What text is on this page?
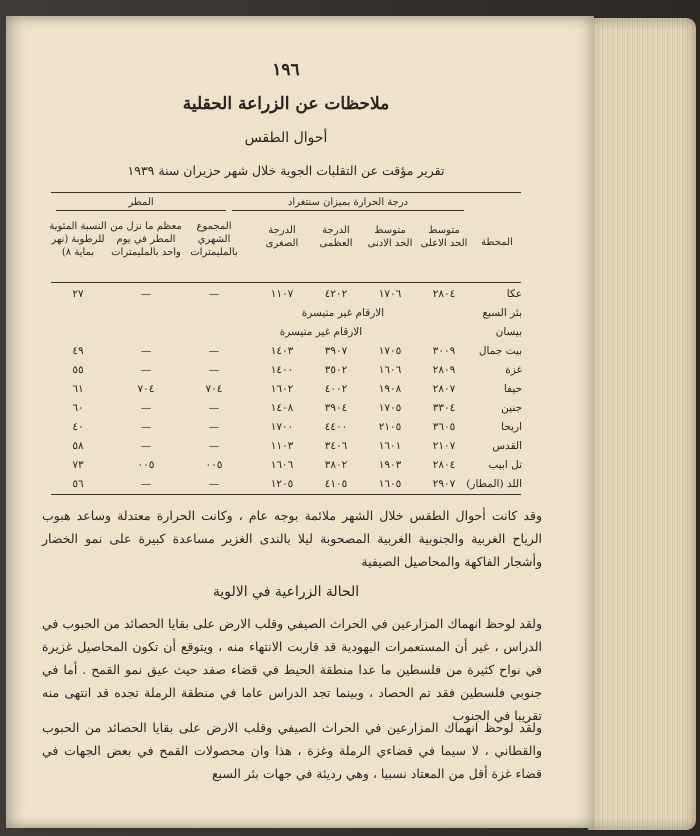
١٩٦
ملاحظات عن الزراعة الحقلية
أحوال الطقس
تقرير مؤقت عن التقلبات الجوية خلال شهر حزيران سنة ١٩٣٩
درجة الحرارة بميزان سنتغراد
المطر
المحطة
متوسط الحد الاعلى
متوسط الحد الادنى
الدرجة العظمى
الدرجة الصغرى
المجموع الشهري بالمليمترات
معظم ما نزل من المطر في يوم واحد بالمليمترات
النسبة المئوية للرطوبة (نهر بماية ٨)
عكا
٢٨٠٤
١٧٠٦
٤٢٠٢
١١٠٧
—
—
٢٧
بئر السبع
الارقام غير متيسرة
بيسان
الارقام غير متيسرة
بيت جمال
٣٠٠٩
١٧٠٥
٣٩٠٧
١٤٠٣
—
—
٤٩
غزة
٢٨٠٩
١٦٠٦
٣٥٠٢
١٤٠٠
—
—
٥٥
حيفا
٢٨٠٧
١٩٠٨
٤٠٠٢
١٦٠٢
٧٠٤
٧٠٤
٦١
جنين
٣٣٠٤
١٧٠٥
٣٩٠٤
١٤٠٨
—
—
٦٠
اريحا
٣٦٠٥
٢١٠٥
٤٤٠٠
١٧٠٠
—
—
٤٠
القدس
٢١٠٧
١٦٠١
٣٤٠٦
١١٠٣
—
—
٥٨
تل ابيب
٢٨٠٤
١٩٠٣
٣٨٠٢
١٦٠٦
٠٠٥
٠٠٥
٧٣
اللد (المطار)
٢٩٠٧
١٦٠٥
٤١٠٥
١٢٠٥
—
—
٥٦
وقد كانت أحوال الطقس خلال الشهر ملائمة بوجه عام ، وكانت الحرارة معتدلة وساعد هبوب الرياح الغربية والجنوبية الغربية المصحوبة ليلا بالندى الغزير مساعدة كبيرة على نمو الخضار وأشجار الفاكهة والمحاصيل الصيفية
الحالة الزراعية في الالوية
ولقد لوحظ انهماك المزارعين في الحراث الصيفي وقلب الارض على بقايا الحصائد من الحبوب في الدراس ، غير أن المستعمرات اليهودية قد قاربت الانتهاء منه ، ويتوقع أن تكون المحاصيل غزيرة في نواح كثيرة من فلسطين ما عدا منطقة الحيط في قضاء صفد حيث عيق نمو القمح . أما في جنوبي فلسطين فقد تم الحصاد ، وبينما تجد الدراس عاما في منطقة الرملة تجده قد انتهى منه تقريبا في الجنوب
ولقد لوحظ انهماك المزارعين في الحراث الصيفي وقلب الارض على بقايا الحصائد من الحبوب والقطاني ، لا سيما في قضاءي الرملة وغزة ، هذا وان محصولات القمح في بعض الجهات في قضاء غزة أقل من المعتاد نسبيا ، وهي رديئة في جهات بئر السبع
